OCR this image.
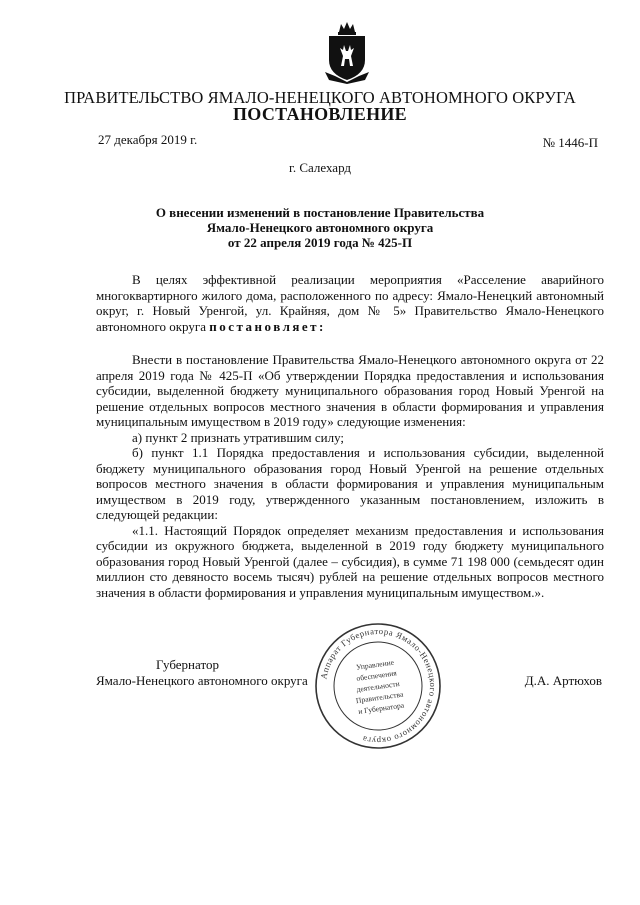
ПРАВИТЕЛЬСТВО ЯМАЛО-НЕНЕЦКОГО АВТОНОМНОГО ОКРУГА
ПОСТАНОВЛЕНИЕ
27 декабря 2019 г.	№ 1446-П
г. Салехард
О внесении изменений в постановление Правительства
Ямало-Ненецкого автономного округа
от 22 апреля 2019 года № 425-П

В целях эффективной реализации мероприятия «Расселение аварийного многоквартирного жилого дома, расположенного по адресу: Ямало-Ненецкий автономный округ, г. Новый Уренгой, ул. Крайняя, дом № 5» Правительство Ямало-Ненецкого автономного округа постановляет:

Внести в постановление Правительства Ямало-Ненецкого автономного округа от 22 апреля 2019 года № 425-П «Об утверждении Порядка предоставления и использования субсидии, выделенной бюджету муниципального образования город Новый Уренгой на решение отдельных вопросов местного значения в области формирования и управления муниципальным имуществом в 2019 году» следующие изменения:

а) пункт 2 признать утратившим силу;

б) пункт 1.1 Порядка предоставления и использования субсидии, выделенной бюджету муниципального образования город Новый Уренгой на решение отдельных вопросов местного значения в области формирования и управления муниципальным имуществом в 2019 году, утвержденного указанным постановлением, изложить в следующей редакции:

«1.1. Настоящий Порядок определяет механизм предоставления и использования субсидии из окружного бюджета, выделенной в 2019 году бюджету муниципального образования город Новый Уренгой (далее – субсидия), в сумме 71 198 000 (семьдесят один миллион сто девяносто восемь тысяч) рублей на решение отдельных вопросов местного значения в области формирования и управления муниципальным имуществом.».

Губернатор
Ямало-Ненецкого автономного округа	Д.А. Артюхов
Аппарат Губернатора Ямало-Ненецкого автономного округа
Управление
обеспечения
деятельности
Правительства
и Губернатора
